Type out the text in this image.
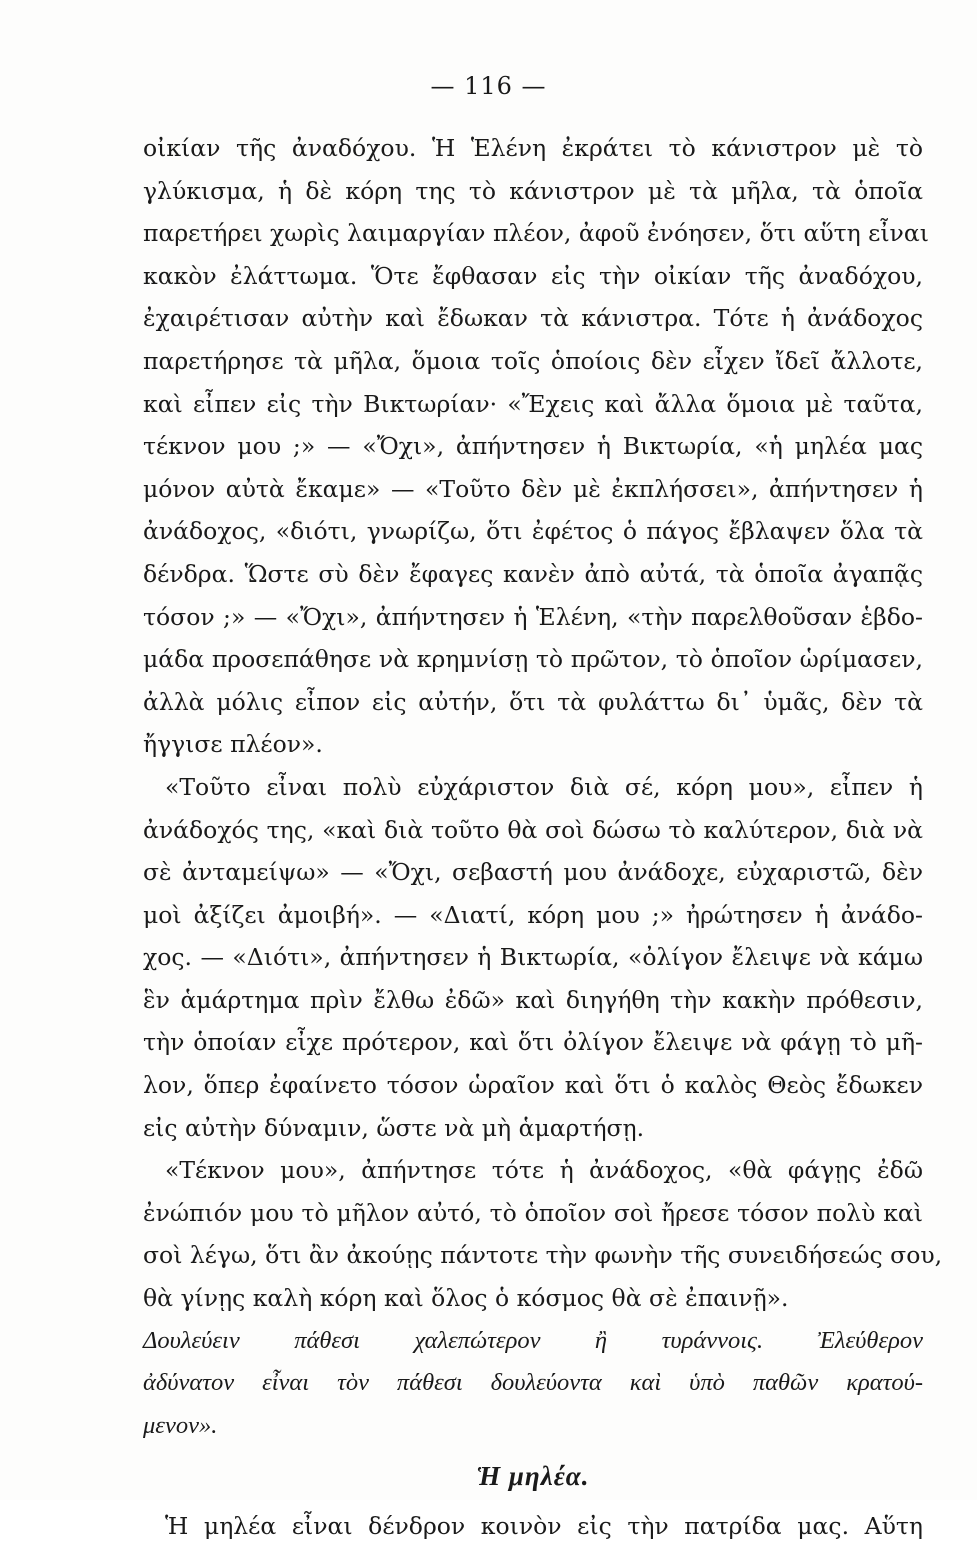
— 116 —
οἰκίαν τῆς ἀναδόχου. Ἡ Ἑλένη ἐκράτει τὸ κάνιστρον μὲ τὸ
γλύκισμα, ἡ δὲ κόρη της τὸ κάνιστρον μὲ τὰ μῆλα, τὰ ὁποῖα
παρετήρει χωρὶς λαιμαργίαν πλέον, ἀφοῦ ἐνόησεν, ὅτι αὕτη εἶναι
κακὸν ἐλάττωμα. Ὅτε ἔφθασαν εἰς τὴν οἰκίαν τῆς ἀναδόχου,
ἐχαιρέτισαν αὐτὴν καὶ ἔδωκαν τὰ κάνιστρα. Τότε ἡ ἀνάδοχος
παρετήρησε τὰ μῆλα, ὅμοια τοῖς ὁποίοις δὲν εἶχεν ἴδεῖ ἄλλοτε,
καὶ εἶπεν εἰς τὴν Βικτωρίαν· «Ἔχεις καὶ ἄλλα ὅμοια μὲ ταῦτα,
τέκνον μου ;» — «Ὄχι», ἀπήντησεν ἡ Βικτωρία, «ἡ μηλέα μας
μόνον αὐτὰ ἔκαμε» — «Τοῦτο δὲν μὲ ἐκπλήσσει», ἀπήντησεν ἡ
ἀνάδοχος, «διότι, γνωρίζω, ὅτι ἐφέτος ὁ πάγος ἔβλαψεν ὅλα τὰ
δένδρα. Ὥστε σὺ δὲν ἔφαγες κανὲν ἀπὸ αὐτά, τὰ ὁποῖα ἀγαπᾷς
τόσον ;» — «Ὄχι», ἀπήντησεν ἡ Ἑλένη, «τὴν παρελθοῦσαν ἑβδο-
μάδα προσεπάθησε νὰ κρημνίσῃ τὸ πρῶτον, τὸ ὁποῖον ὡρίμασεν,
ἀλλὰ μόλις εἶπον εἰς αὐτήν, ὅτι τὰ φυλάττω δι᾽ ὑμᾶς, δὲν τὰ
ἤγγισε πλέον».
«Τοῦτο εἶναι πολὺ εὐχάριστον διὰ σέ, κόρη μου», εἶπεν ἡ
ἀνάδοχός της, «καὶ διὰ τοῦτο θὰ σοὶ δώσω τὸ καλύτερον, διὰ νὰ
σὲ ἀνταμείψω» — «Ὄχι, σεβαστή μου ἀνάδοχε, εὐχαριστῶ, δὲν
μοὶ ἀξίζει ἀμοιβή». — «Διατί, κόρη μου ;» ἠρώτησεν ἡ ἀνάδο-
χος. — «Διότι», ἀπήντησεν ἡ Βικτωρία, «ὀλίγον ἔλειψε νὰ κάμω
ἓν ἁμάρτημα πρὶν ἔλθω ἐδῶ» καὶ διηγήθη τὴν κακὴν πρόθεσιν,
τὴν ὁποίαν εἶχε πρότερον, καὶ ὅτι ὀλίγον ἔλειψε νὰ φάγῃ τὸ μῆ-
λον, ὅπερ ἐφαίνετο τόσον ὡραῖον καὶ ὅτι ὁ καλὸς Θεὸς ἔδωκεν
εἰς αὐτὴν δύναμιν, ὥστε νὰ μὴ ἁμαρτήσῃ.
«Τέκνον μου», ἀπήντησε τότε ἡ ἀνάδοχος, «θὰ φάγῃς ἐδῶ
ἐνώπιόν μου τὸ μῆλον αὐτό, τὸ ὁποῖον σοὶ ἤρεσε τόσον πολὺ καὶ
σοὶ λέγω, ὅτι ἂν ἀκούῃς πάντοτε τὴν φωνὴν τῆς συνειδήσεώς σου,
θὰ γίνῃς καλὴ κόρη καὶ ὅλος ὁ κόσμος θὰ σὲ ἐπαινῇ».
Δουλεύειν πάθεσι χαλεπώτερον ἢ τυράννοις. Ἐλεύθερον
ἀδύνατον εἶναι τὸν πάθεσι δουλεύοντα καὶ ὑπὸ παθῶν κρατού-
μενον».
Ἡ μηλέα.
Ἡ μηλέα εἶναι δένδρον κοινὸν εἰς τὴν πατρίδα μας. Αὕτη
